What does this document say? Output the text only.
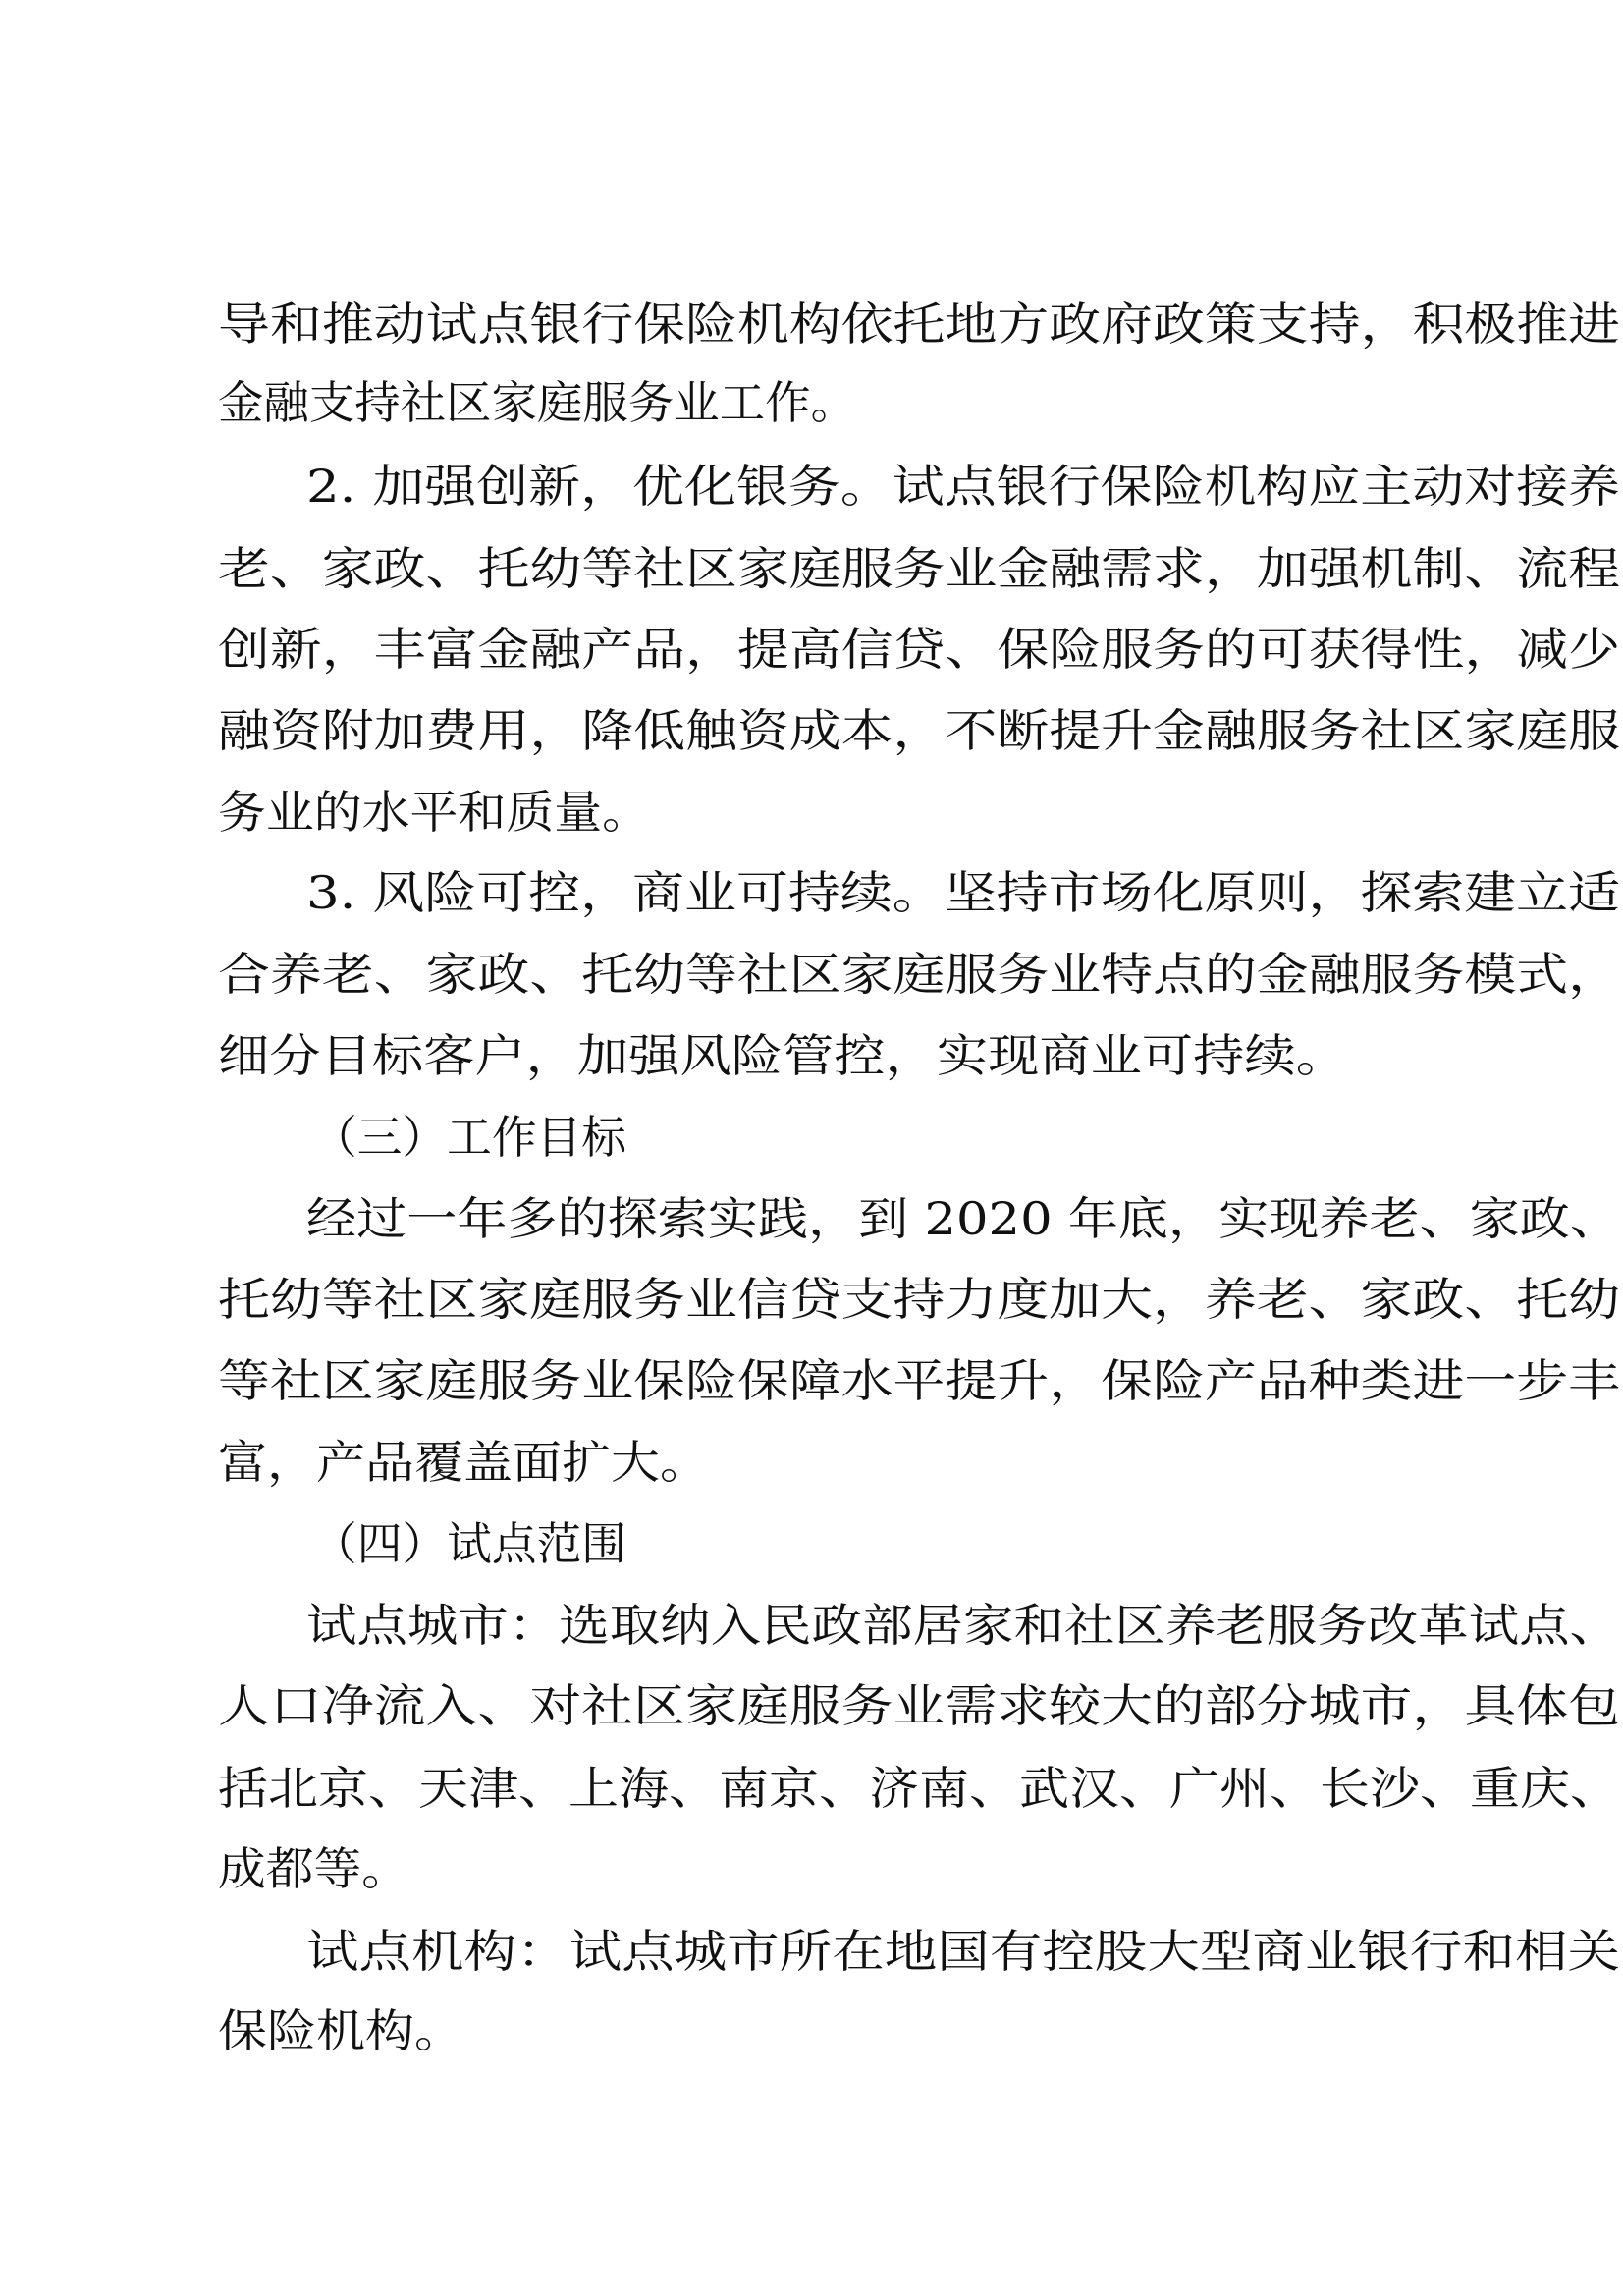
导和推动试点银行保险机构依托地方政府政策支持，积极推进
金融支持社区家庭服务业工作。
2. 加强创新，优化银务。试点银行保险机构应主动对接养
老、家政、托幼等社区家庭服务业金融需求，加强机制、流程
创新，丰富金融产品，提高信贷、保险服务的可获得性，减少
融资附加费用，降低触资成本，不断提升金融服务社区家庭服
务业的水平和质量。
3. 风险可控，商业可持续。坚持市场化原则，探索建立适
合养老、家政、托幼等社区家庭服务业特点的金融服务模式，
细分目标客户，加强风险管控，实现商业可持续。
（三）工作目标
经过一年多的探索实践，到 2020 年底，实现养老、家政、
托幼等社区家庭服务业信贷支持力度加大，养老、家政、托幼
等社区家庭服务业保险保障水平提升，保险产品种类进一步丰
富，产品覆盖面扩大。
（四）试点范围
试点城市：选取纳入民政部居家和社区养老服务改革试点、
人口净流入、对社区家庭服务业需求较大的部分城市，具体包
括北京、天津、上海、南京、济南、武汉、广州、长沙、重庆、
成都等。
试点机构：试点城市所在地国有控股大型商业银行和相关
保险机构。
